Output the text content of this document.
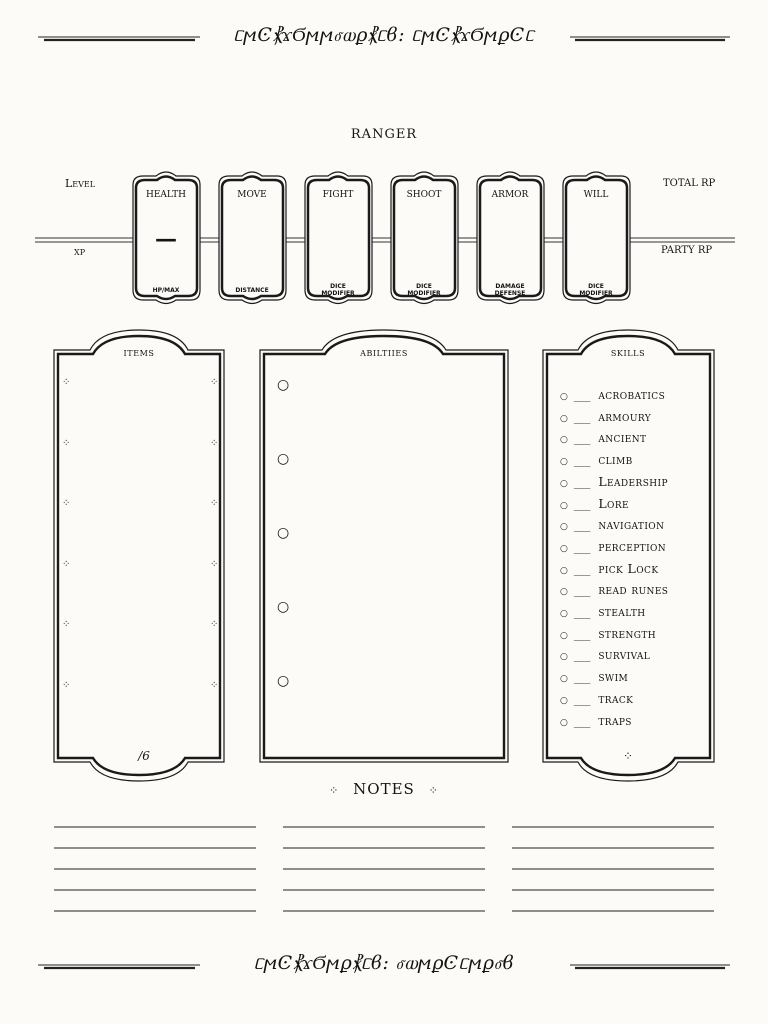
ᥴϻϾ⳩ϫϬϻϻⳝⲱϼ⳩ᥴϐ: ᥴϻϾ⳩ϫϬϻϼϾᥴ
ᥴϻϾ⳩ϫϬϻϼ⳩ᥴϐ: ⳝⲱϻϼϾᥴϻϼⳝϐ
RANGER
Level
xp
TOTAL RP
PARTY RP
health
—
HP/MAX
move
DISTANCE
fight
DICE
MODIFIER
shoot
DICE
MODIFIER
armor
DAMAGE
DEFENSE
will
DICE
MODIFIER
items
⁘	⁘
⁘	⁘
⁘	⁘
⁘	⁘
⁘	⁘
⁘	⁘
/6
abiltiies
○
○
○
○
○
skills
○ ___ acrobatics
○ ___ armoury
○ ___ ancient
○ ___ climb
○ ___ Leadership
○ ___ Lore
○ ___ navigation
○ ___ perception
○ ___ pick Lock
○ ___ read runes
○ ___ stealth
○ ___ strength
○ ___ survival
○ ___ swim
○ ___ track
○ ___ traps
⁘
⁘ NOTES ⁘
